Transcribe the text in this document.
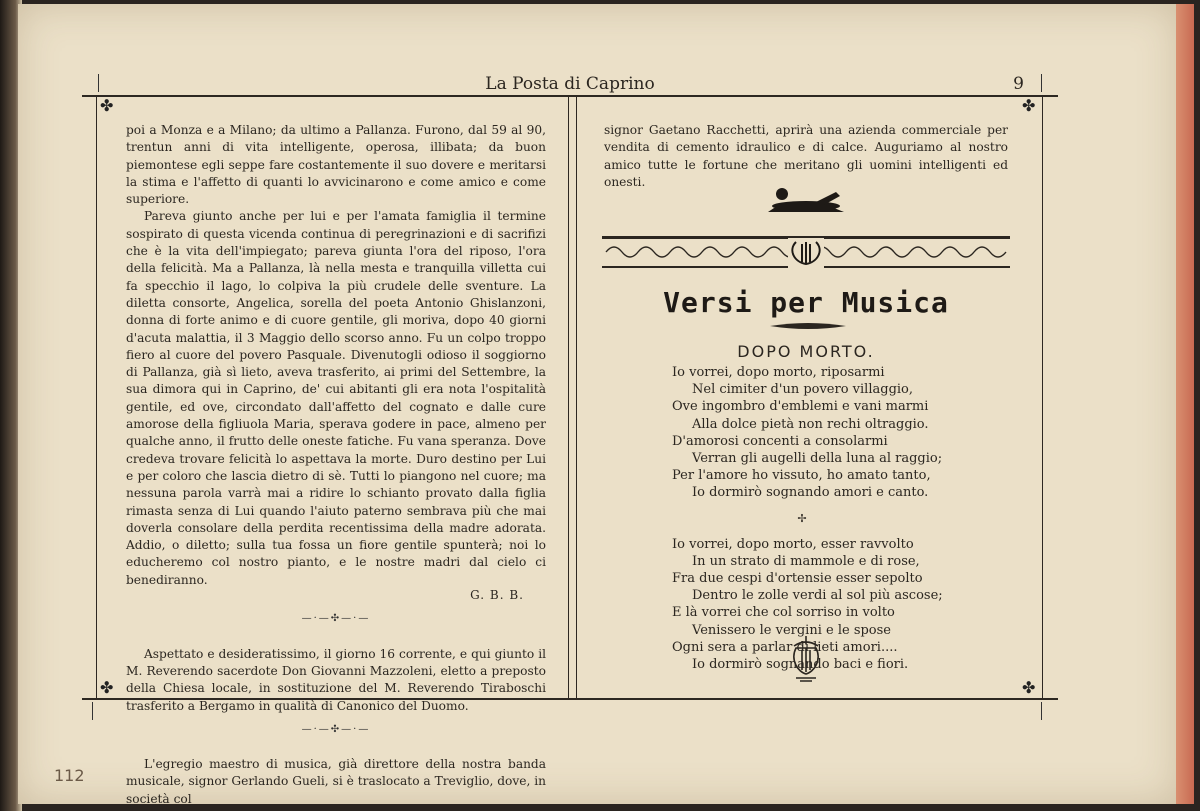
La Posta di Caprino	9
✤
✤
✤
✤

poi a Monza e a Milano; da ultimo a Pallanza. Furono, dal 59 al 90, trentun anni di vita intelligente, operosa, illibata; da buon piemontese egli seppe fare costantemente il suo dovere e meritarsi la stima e l'affetto di quanti lo avvicinarono e come amico e come superiore.

Pareva giunto anche per lui e per l'amata famiglia il termine sospirato di questa vicenda continua di peregrinazioni e di sacrifizi che è la vita dell'impiegato; pareva giunta l'ora del riposo, l'ora della felicità. Ma a Pallanza, là nella mesta e tranquilla villetta cui fa specchio il lago, lo colpiva la più crudele delle sventure. La diletta consorte, Angelica, sorella del poeta Antonio Ghislanzoni, donna di forte animo e di cuore gentile, gli moriva, dopo 40 giorni d'acuta malattia, il 3 Maggio dello scorso anno. Fu un colpo troppo fiero al cuore del povero Pasquale. Divenutogli odioso il soggiorno di Pallanza, già sì lieto, aveva trasferito, ai primi del Settembre, la sua dimora qui in Caprino, de' cui abitanti gli era nota l'ospitalità gentile, ed ove, circondato dall'affetto del cognato e dalle cure amorose della figliuola Maria, sperava godere in pace, almeno per qualche anno, il frutto delle oneste fatiche. Fu vana speranza. Dove credeva trovare felicità lo aspettava la morte. Duro destino per Lui e per coloro che lascia dietro di sè. Tutti lo piangono nel cuore; ma nessuna parola varrà mai a ridire lo schianto provato dalla figlia rimasta senza di Lui quando l'aiuto paterno sembrava più che mai doverla consolare della perdita recentissima della madre adorata. Addio, o diletto; sulla tua fossa un fiore gentile spunterà; noi lo educheremo col nostro pianto, e le nostre madri dal cielo ci benediranno.

G. B. B.
—·—✣—·—

Aspettato e desideratissimo, il giorno 16 corrente, e qui giunto il M. Reverendo sacerdote Don Giovanni Mazzoleni, eletto a preposto della Chiesa locale, in sostituzione del M. Reverendo Tiraboschi trasferito a Bergamo in qualità di Canonico del Duomo.

—·—✣—·—

L'egregio maestro di musica, già direttore della nostra banda musicale, signor Gerlando Gueli, si è traslocato a Treviglio, dove, in società col

signor Gaetano Racchetti, aprirà una azienda commerciale per vendita di cemento idraulico e di calce. Auguriamo al nostro amico tutte le fortune che meritano gli uomini intelligenti ed onesti.

Versi per Musica
DOPO MORTO.
Io vorrei, dopo morto, riposarmi
Nel cimiter d'un povero villaggio,
Ove ingombro d'emblemi e vani marmi
Alla dolce pietà non rechi oltraggio.
D'amorosi concenti a consolarmi
Verran gli augelli della luna al raggio;
Per l'amore ho vissuto, ho amato tanto,
Io dormirò sognando amori e canto.
✢
Io vorrei, dopo morto, esser ravvolto
In un strato di mammole e di rose,
Fra due cespi d'ortensie esser sepolto
Dentro le zolle verdi al sol più ascose;
E là vorrei che col sorriso in volto
Venissero le vergini e le spose
Ogni sera a parlar di lieti amori....
Io dormirò sognando baci e fiori.
112
